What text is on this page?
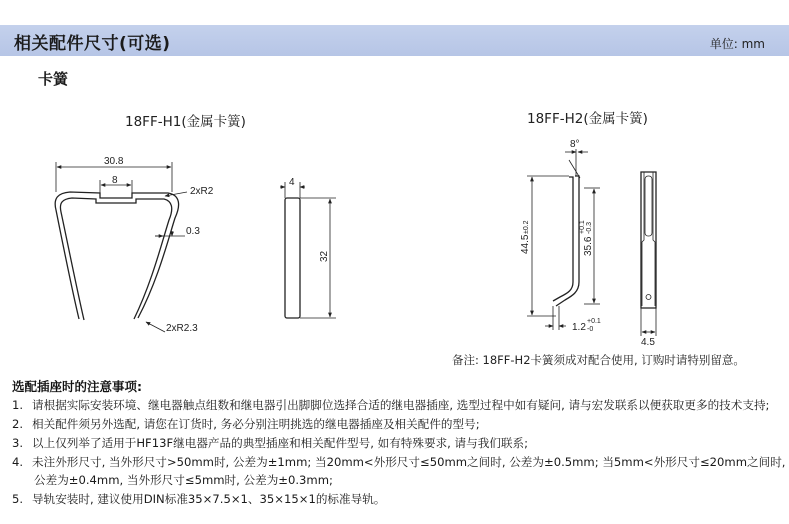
相关配件尺寸(可选)	单位: mm
卡簧
18FF-H1(金属卡簧)	18FF-H2(金属卡簧)
30.8
8
2xR2
0.3
2xR2.3
4
32
8°
44.5
±0.2
35.6
+0.1 -0.3
1.2
+0.1
-0
4.5
备注: 18FF-H2卡簧须成对配合使用, 订购时请特别留意。
选配插座时的注意事项:
1. 请根据实际安装环境、继电器触点组数和继电器引出脚脚位选择合适的继电器插座, 选型过程中如有疑问, 请与宏发联系以便获取更多的技术支持;
2. 相关配件须另外选配, 请您在订货时, 务必分别注明挑选的继电器插座及相关配件的型号;
3. 以上仅列举了适用于HF13F继电器产品的典型插座和相关配件型号, 如有特殊要求, 请与我们联系;
4. 未注外形尺寸, 当外形尺寸>50mm时, 公差为±1mm; 当20mm<外形尺寸≤50mm之间时, 公差为±0.5mm; 当5mm<外形尺寸≤20mm之间时,
公差为±0.4mm, 当外形尺寸≤5mm时, 公差为±0.3mm;
5. 导轨安装时, 建议使用DIN标准35×7.5×1、35×15×1的标准导轨。
